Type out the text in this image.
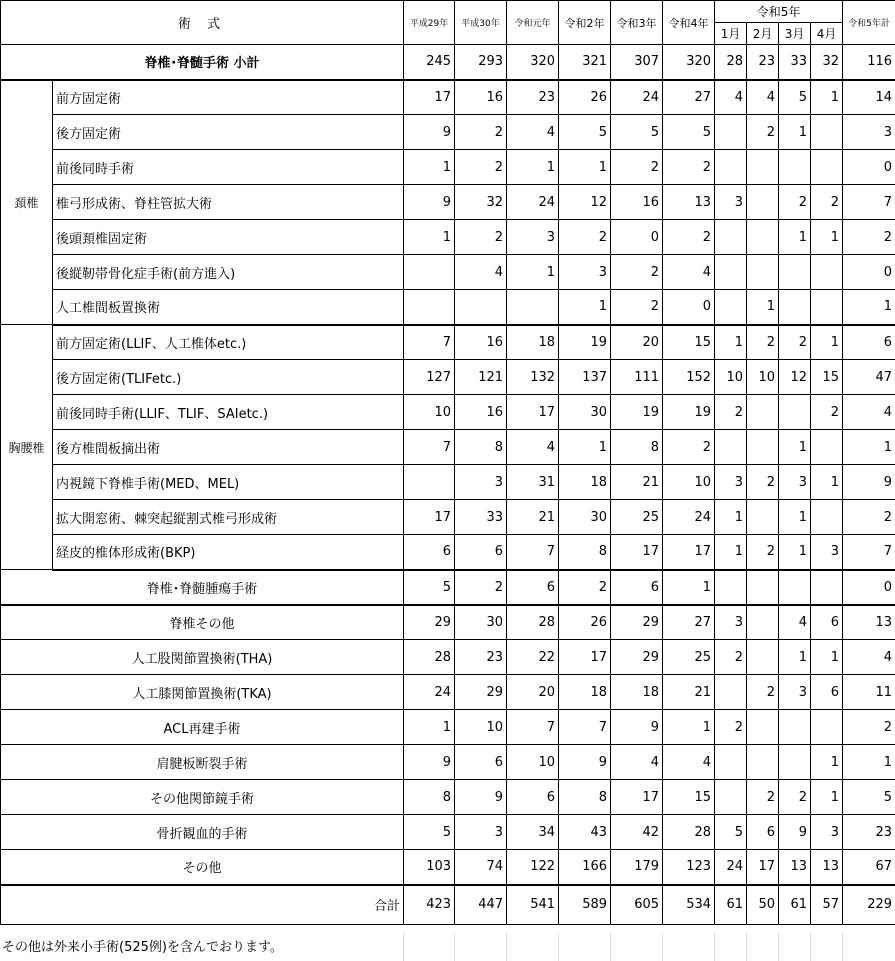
術 式		平成29年	平成30年	令和元年	令和2年	令和3年	令和4年	令和5年				令和5年計
								1月	2月	3月	4月	
脊椎･脊髄手術 小計		245	293	320	321	307	320	28	23	33	32	116
頚椎	前方固定術	17	16	23	26	24	27	4	4	5	1	14
	後方固定術	9	2	4	5	5	5		2	1		3
	前後同時手術	1	2	1	1	2	2					0
	椎弓形成術、脊柱管拡大術	9	32	24	12	16	13	3		2	2	7
	後頭頚椎固定術	1	2	3	2	0	2			1	1	2
	後縦靭帯骨化症手術(前方進入)		4	1	3	2	4					0
	人工椎間板置換術				1	2	0		1			1
胸腰椎	前方固定術(LLIF、人工椎体etc.)	7	16	18	19	20	15	1	2	2	1	6
	後方固定術(TLIFetc.)	127	121	132	137	111	152	10	10	12	15	47
	前後同時手術(LLIF、TLIF、SAIetc.)	10	16	17	30	19	19	2			2	4
	後方椎間板摘出術	7	8	4	1	8	2			1		1
	内視鏡下脊椎手術(MED、MEL)		3	31	18	21	10	3	2	3	1	9
	拡大開窓術、棘突起縦割式椎弓形成術	17	33	21	30	25	24	1		1		2
	経皮的椎体形成術(BKP)	6	6	7	8	17	17	1	2	1	3	7
脊椎･脊髄腫瘍手術		5	2	6	2	6	1					0
脊椎その他		29	30	28	26	29	27	3		4	6	13
人工股関節置換術(THA)		28	23	22	17	29	25	2		1	1	4
人工膝関節置換術(TKA)		24	29	20	18	18	21		2	3	6	11
ACL再建手術		1	10	7	7	9	1	2				2
肩腱板断裂手術		9	6	10	9	4	4				1	1
その他関節鏡手術		8	9	6	8	17	15		2	2	1	5
骨折観血的手術		5	3	34	43	42	28	5	6	9	3	23
その他		103	74	122	166	179	123	24	17	13	13	67
合計		423	447	541	589	605	534	61	50	61	57	229
その他は外来小手術(525例)を含んでおります。
